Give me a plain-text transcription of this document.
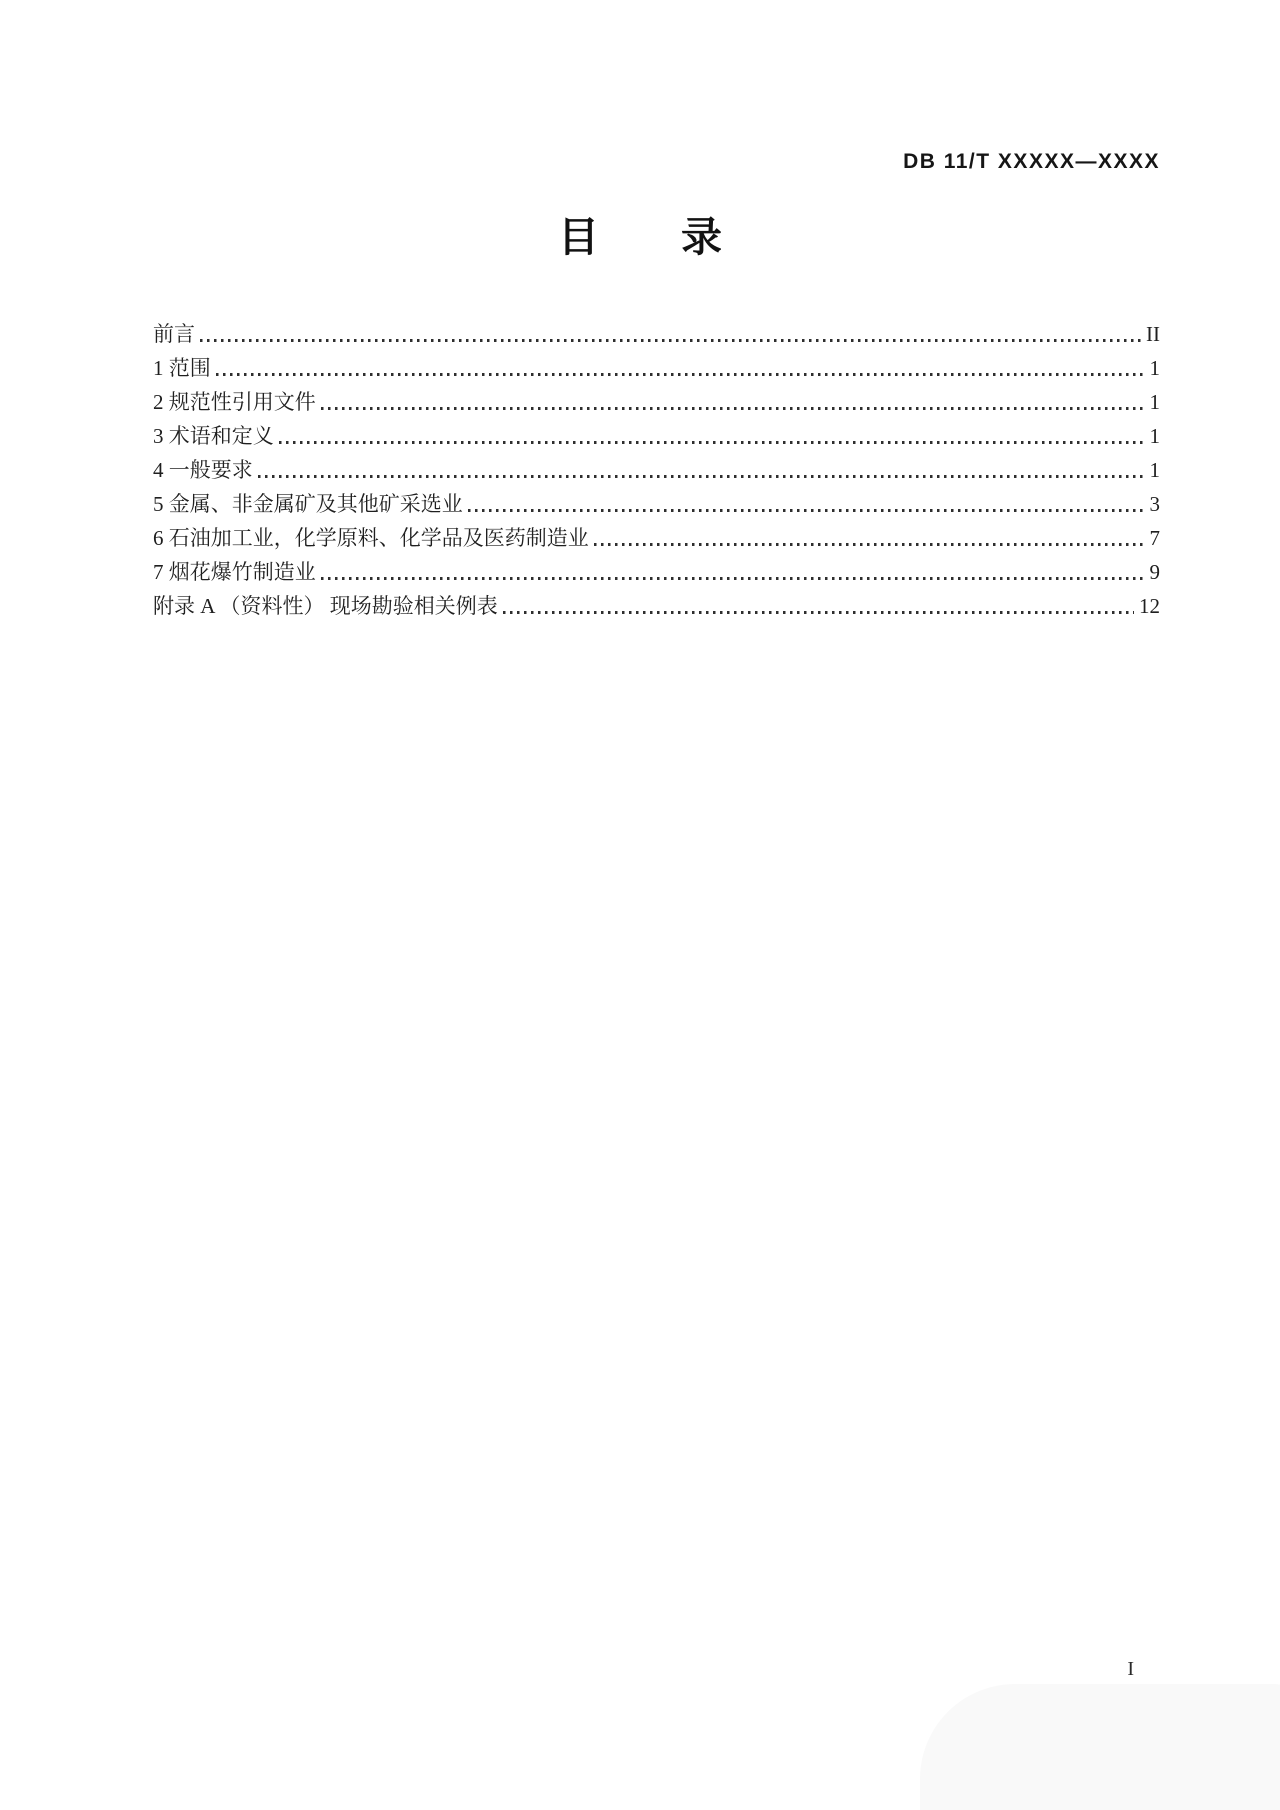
DB 11/T XXXXX—XXXX
目　　录
前言	II
1 范围	1
2 规范性引用文件	1
3 术语和定义	1
4 一般要求	1
5 金属、非金属矿及其他矿采选业	3
6 石油加工业，化学原料、化学品及医药制造业	7
7 烟花爆竹制造业	9
附录 A （资料性） 现场勘验相关例表	12
I
